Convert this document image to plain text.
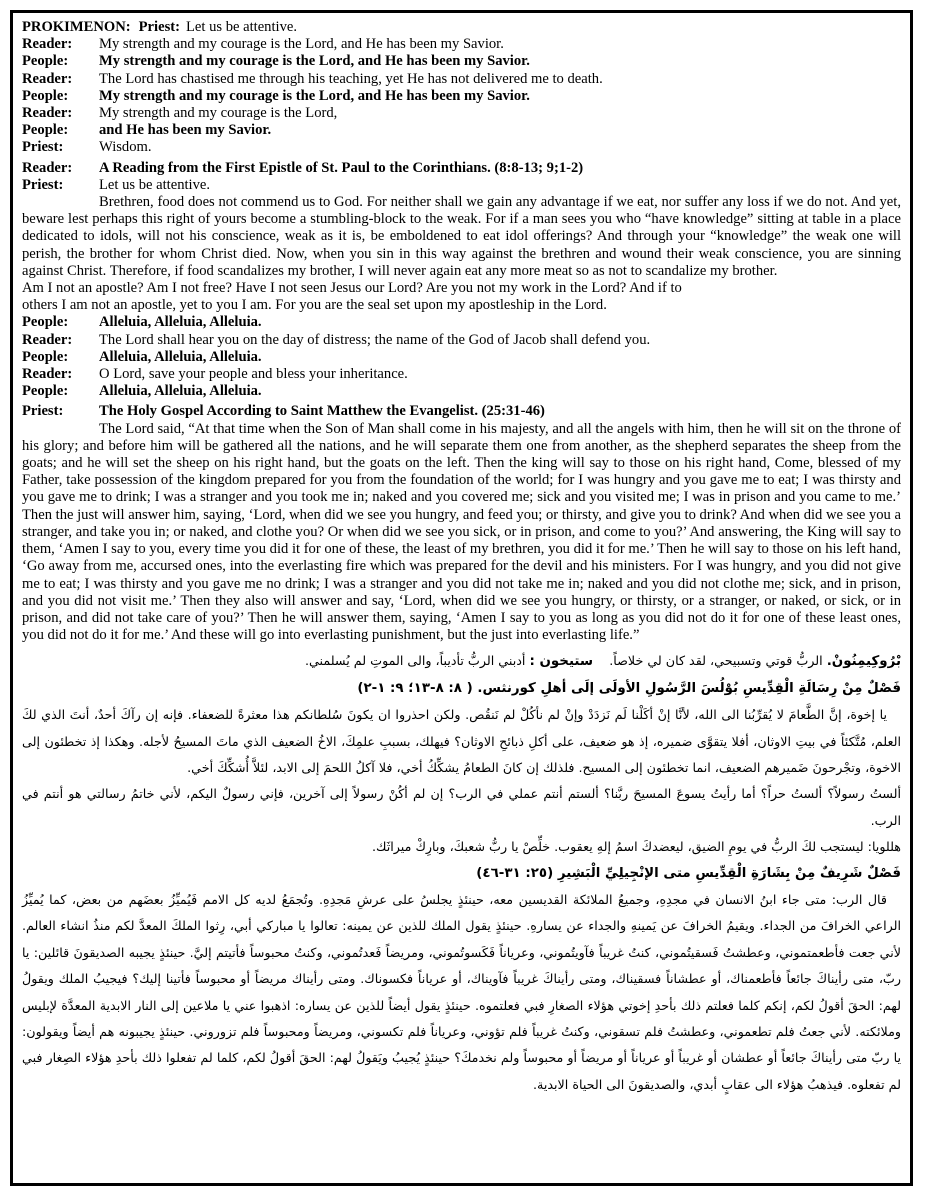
PROKIMENON: Priest: Let us be attentive.
Reader:	My strength and my courage is the Lord, and He has been my Savior.
People:	My strength and my courage is the Lord, and He has been my Savior.
Reader:	The Lord has chastised me through his teaching, yet He has not delivered me to death.
People:	My strength and my courage is the Lord, and He has been my Savior.
Reader:	My strength and my courage is the Lord,
People:	and He has been my Savior.
Priest:	Wisdom.
Reader:	A Reading from the First Epistle of St. Paul to the Corinthians. (8:8-13; 9;1-2)
Priest:	Let us be attentive.
Brethren, food does not commend us to God. For neither shall we gain any advantage if we eat, nor suffer any loss if we do not. And yet, beware lest perhaps this right of yours become a stumbling-block to the weak. For if a man sees you who “have knowledge” sitting at table in a place dedicated to idols, will not his conscience, weak as it is, be emboldened to eat idol offerings? And through your “knowledge” the weak one will perish, the brother for whom Christ died. Now, when you sin in this way against the brethren and wound their weak conscience, you are sinning against Christ. Therefore, if food scandalizes my brother, I will never again eat any more meat so as not to scandalize my brother.
Am I not an apostle? Am I not free? Have I not seen Jesus our Lord? Are you not my work in the Lord? And if to
others I am not an apostle, yet to you I am. For you are the seal set upon my apostleship in the Lord.
People:	Alleluia, Alleluia, Alleluia.
Reader:	The Lord shall hear you on the day of distress; the name of the God of Jacob shall defend you.
People:	Alleluia, Alleluia, Alleluia.
Reader:	O Lord, save your people and bless your inheritance.
People:	Alleluia, Alleluia, Alleluia.
Priest:	The Holy Gospel According to Saint Matthew the Evangelist. (25:31-46)
The Lord said, “At that time when the Son of Man shall come in his majesty, and all the angels with him, then he will sit on the throne of his glory; and before him will be gathered all the nations, and he will separate them one from another, as the shepherd separates the sheep from the goats; and he will set the sheep on his right hand, but the goats on the left. Then the king will say to those on his right hand, Come, blessed of my Father, take possession of the kingdom prepared for you from the foundation of the world; for I was hungry and you gave me to eat; I was thirsty and you gave me to drink; I was a stranger and you took me in; naked and you covered me; sick and you visited me; I was in prison and you came to me.’ Then the just will answer him, saying, ‘Lord, when did we see you hungry, and feed you; or thirsty, and give you to drink? And when did we see you a stranger, and take you in; or naked, and clothe you? Or when did we see you sick, or in prison, and come to you?’ And answering, the King will say to them, ‘Amen I say to you, every time you did it for one of these, the least of my brethren, you did it for me.’ Then he will say to those on his left hand, ‘Go away from me, accursed ones, into the everlasting fire which was prepared for the devil and his ministers. For I was hungry, and you did not give me to eat; I was thirsty and you gave me no drink; I was a stranger and you did not take me in; naked and you did not clothe me; sick, and in prison, and you did not visit me.’ Then they also will answer and say, ‘Lord, when did we see you hungry, or thirsty, or a stranger, or naked, or sick, or in prison, and did not take care of you?’ Then he will answer them, saying, ‘Amen I say to you as long as you did not do it for one of these least ones, you did not do it for me.’ And these will go into everlasting punishment, but the just into everlasting life.”

بْرُوكِيمِنُونْ. الربُّ قوتي وتسبيحي، لقد كان لي خلاصاً.    ستيخون : أدبني الربُّ تأديباً، والى الموتِ لم يُسلمني.

فَصْلٌ مِنْ رِسَالَةِ الْقِدِّيسِ بُوْلُسَ الرَّسُولِ الأولَى إلَى أهلِ كورنثس. ( ٨: ٨-١٣؛ ٩: ١-٢)

يا إخوة، إنَّ الطَّعامَ لا يُقرِّبُنا الى الله، لأنَّا إنْ أكَلْنا لَم نَزدَدْ وإنْ لم نأكُلْ لم نَنقُص. ولكن احذروا ان يكونَ سُلطانكم هذا معثرةً للضعفاء. فإنه إن رآكَ أحدٌ، أنتَ الذي لكَ العلم، مُتَّكئاً في بيتِ الاوثان، أفلا يتقوَّى ضميره، إذ هو ضعيف، على أكلِ ذبائحِ الاوثان؟ فيهلك، بسببِ علمِكَ، الاخُ الضعيف الذي ماتَ المسيحُ لأجله. وهكذا إذ تخطئون إلى الاخوة، وتجْرحونَ ضَميرهم الضعيف، انما تخطئون إلى المسيح. فلذلك إن كانَ الطعامُ يشكِّكُ أخي، فلا آكلُ اللحمَ إلى الابد، لئلاَّ أُشكِّكَ أخي.

ألستُ رسولاً؟ ألستُ حراً؟ أما رأيتُ يسوعَ المسيحَ ربَّنا؟ ألستم أنتم عملي في الرب؟ إن لم أكُنْ رسولاً إلى آخرين، فإني رسولٌ اليكم، لأني خاتمُ رسالتي هو أنتم في الرب.

هللويا: ليستجب لكَ الربُّ في يومِ الضيق، ليعضدكَ اسمُ إلهِ يعقوب. خلِّصْ يا ربُّ شعبكَ، وبارِكْ ميراثَك.

فَصْلٌ شَرِيفٌ مِنْ بِشَارَةِ الْقِدِّيسِ متى الإنْجِيلِيِّ الْبَشِيرِ (٢٥: ٣١-٤٦)

قال الرب: متى جاء ابنُ الانسان في مجدِهِ، وجميعُ الملائكة القديسين معه، حينئذٍ يجلسُ على عرشِ مَجدِهِ. وتُجمَعُ لديه كل الامم فَيُميِّزُ بعضَهم من بعض، كما يُميِّزُ الراعي الخرافَ من الجداء. ويقيمُ الخرافَ عن يَمينهِ والجداء عن يسارهِ. حينئذٍ يقول الملك للذين عن يمينه: تعالوا يا مباركي أبي، رِثوا الملكَ المعدَّ لكم منذُ انشاء العالم. لأني جعت فأطعمتموني، وعطشتُ فَسقيتُموني، كنتُ غريباً فآويتُموني، وعرياناً فَكَسوتُموني، ومريضاً فَعدتُموني، وكنتُ محبوساً فأتيتم إليَّ. حينئذٍ يجيبه الصديقونَ قائلين: يا ربّ، متى رأيناكَ جائعاً فأطعمناك، أو عطشاناً فسقيناك، ومتى رأيناكَ غريباً فآويناك، أو عرياناً فكسوناك. ومتى رأيناك مريضاً أو محبوساً فأتينا إليك؟ فيجيبُ الملك ويقولُ لهم: الحقَ أقولُ لكم، إنكم كلما فعلتم ذلك بأحدِ إخوتي هؤلاء الصغارِ فبي فعلتموه. حينئذٍ يقول أيضاً للذين عن يساره: اذهبوا عني يا ملاعين إلى النار الابدية المعدَّة لإبليس وملائكته. لأني جعتُ فلم تطعموني، وعطشتُ فلم تسقوني، وكنتُ غريباً فلم تؤوني، وعرياناً فلم تكسوني، ومريضاً ومحبوساً فلم تزوروني. حينئذٍ يجيبونه هم أيضاً ويقولون: يا ربّ متى رأيناكَ جائعاً أو عطشان أو غريباً أو عرياناً أو مريضاً أو محبوساً ولم نخدمكَ؟ حينئذٍ يُجيبُ ويَقولُ لهم: الحقَ أقولُ لكم، كلما لم تفعلوا ذلك بأحدِ هؤلاء الصِغار فبي لم تفعلوه. فيذهبُ هؤلاء الى عقابٍ أبدي، والصديقونَ الى الحياة الابدية.
